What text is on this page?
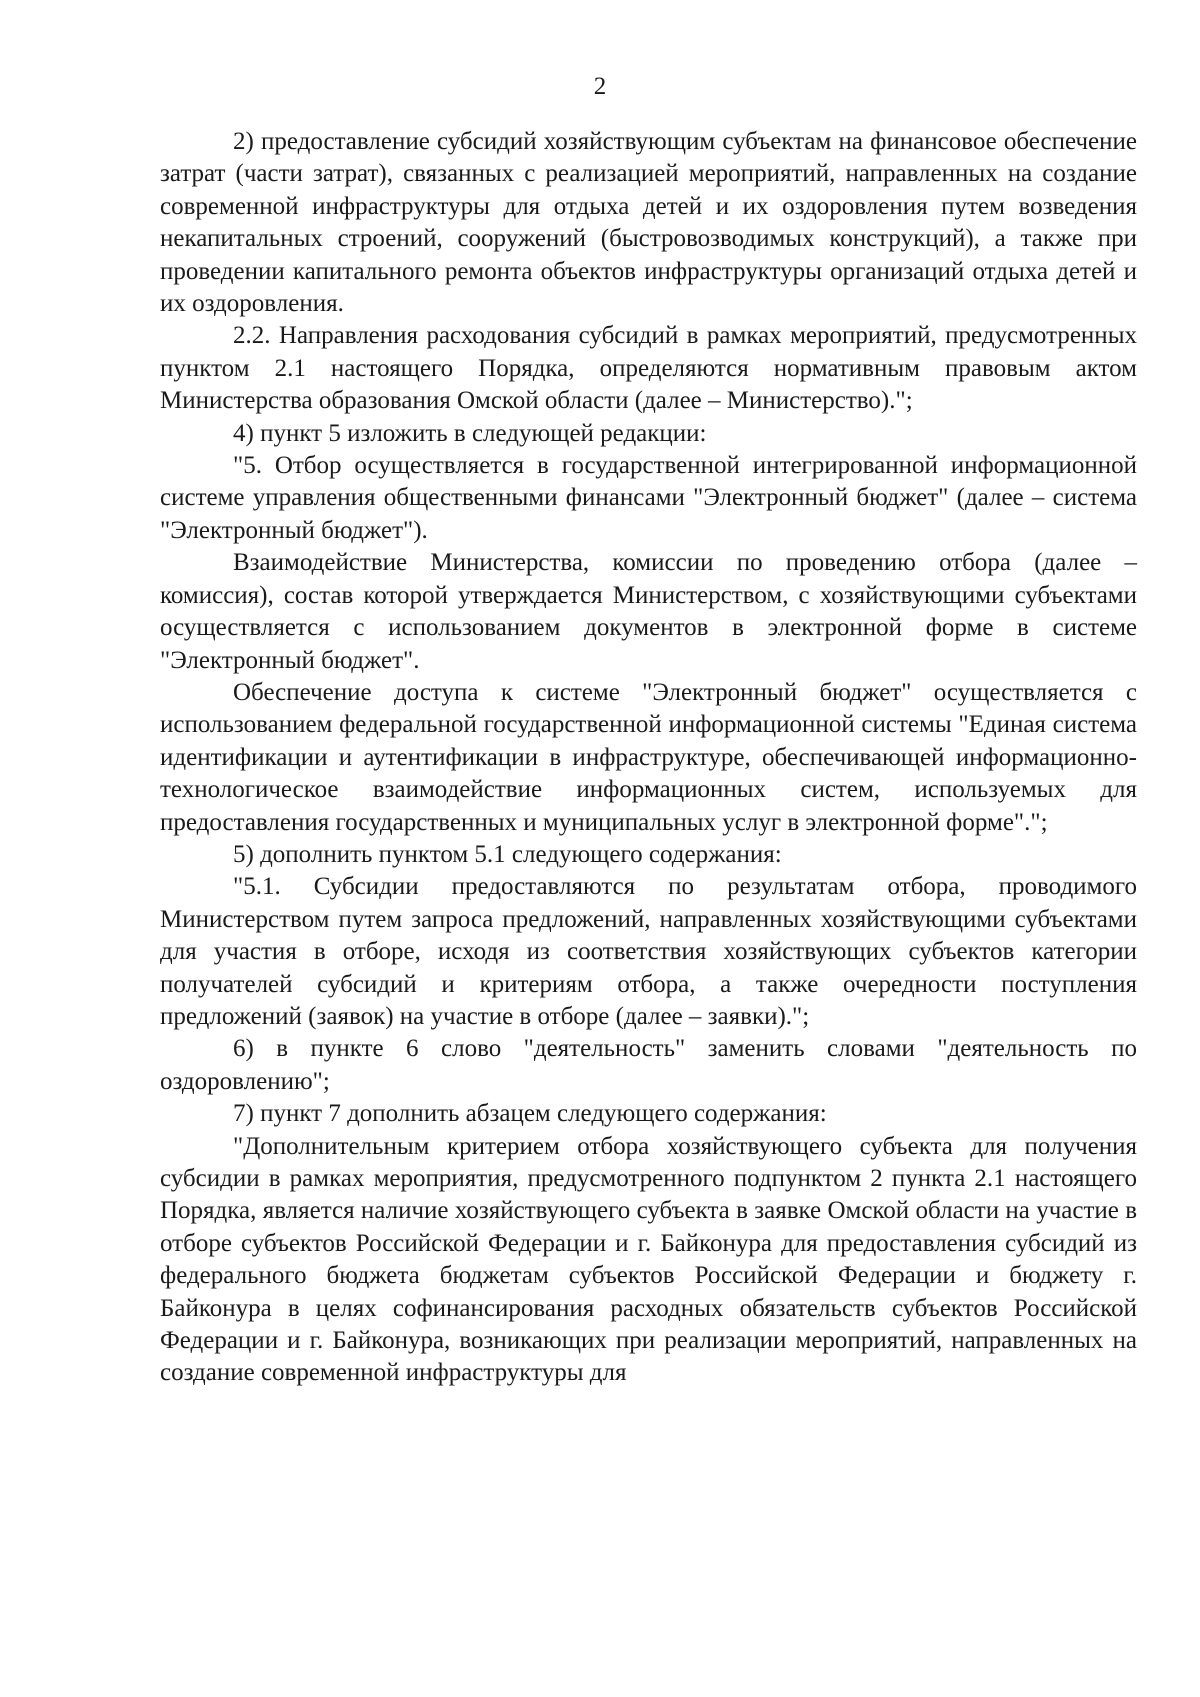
2

2) предоставление субсидий хозяйствующим субъектам на финансовое обеспечение затрат (части затрат), связанных с реализацией мероприятий, направленных на создание современной инфраструктуры для отдыха детей и их оздоровления путем возведения некапитальных строений, сооружений (быстровозводимых конструкций), а также при проведении капитального ремонта объектов инфраструктуры организаций отдыха детей и их оздоровления.

2.2. Направления расходования субсидий в рамках мероприятий, предусмотренных пунктом 2.1 настоящего Порядка, определяются нормативным правовым актом Министерства образования Омской области (далее – Министерство).";

4) пункт 5 изложить в следующей редакции:

"5. Отбор осуществляется в государственной интегрированной информационной системе управления общественными финансами "Электронный бюджет" (далее – система "Электронный бюджет").

Взаимодействие Министерства, комиссии по проведению отбора (далее – комиссия), состав которой утверждается Министерством, с хозяйствующими субъектами осуществляется с использованием документов в электронной форме в системе "Электронный бюджет".

Обеспечение доступа к системе "Электронный бюджет" осуществляется с использованием федеральной государственной информационной системы "Единая система идентификации и аутентификации в инфраструктуре, обеспечивающей информационно-технологическое взаимодействие информационных систем, используемых для предоставления государственных и муниципальных услуг в электронной форме".";

5) дополнить пунктом 5.1 следующего содержания:

"5.1. Субсидии предоставляются по результатам отбора, проводимого Министерством путем запроса предложений, направленных хозяйствующими субъектами для участия в отборе, исходя из соответствия хозяйствующих субъектов категории получателей субсидий и критериям отбора, а также очередности поступления предложений (заявок) на участие в отборе (далее – заявки).";

6) в пункте 6 слово "деятельность" заменить словами "деятельность по оздоровлению";

7) пункт 7 дополнить абзацем следующего содержания:

"Дополнительным критерием отбора хозяйствующего субъекта для получения субсидии в рамках мероприятия, предусмотренного подпунктом 2 пункта 2.1 настоящего Порядка, является наличие хозяйствующего субъекта в заявке Омской области на участие в отборе субъектов Российской Федерации и г. Байконура для предоставления субсидий из федерального бюджета бюджетам субъектов Российской Федерации и бюджету г. Байконура в целях софинансирования расходных обязательств субъектов Российской Федерации и г. Байконура, возникающих при реализации мероприятий, направленных на создание современной инфраструктуры для
